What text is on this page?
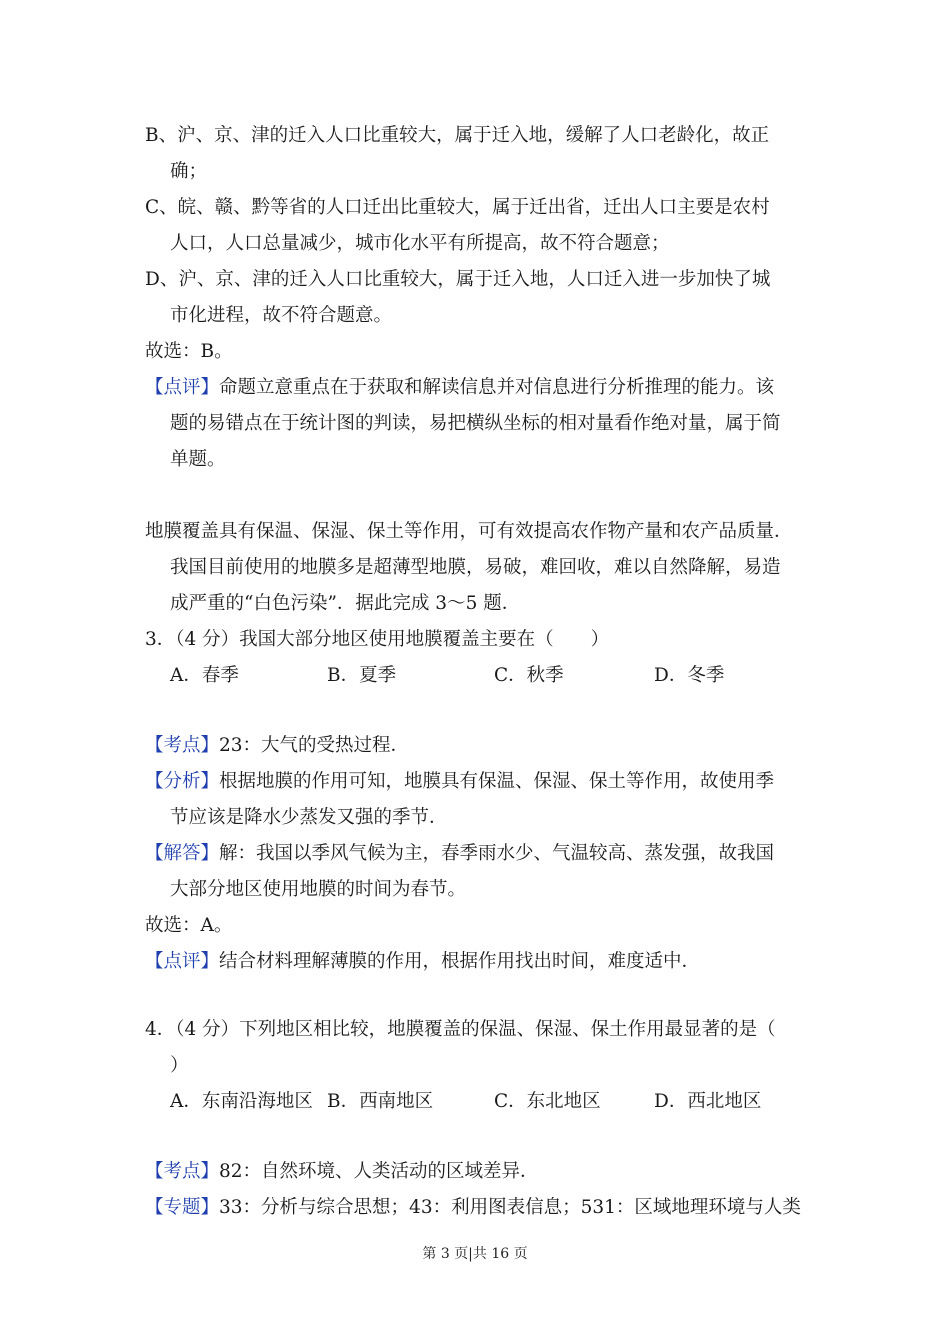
B、沪、京、津的迁入人口比重较大，属于迁入地，缓解了人口老龄化，故正
确；
C、皖、赣、黔等省的人口迁出比重较大，属于迁出省，迁出人口主要是农村
人口，人口总量减少，城市化水平有所提高，故不符合题意；
D、沪、京、津的迁入人口比重较大，属于迁入地，人口迁入进一步加快了城
市化进程，故不符合题意。
故选：B。
【点评】命题立意重点在于获取和解读信息并对信息进行分析推理的能力。该
题的易错点在于统计图的判读，易把横纵坐标的相对量看作绝对量，属于简
单题。
地膜覆盖具有保温、保湿、保土等作用，可有效提高农作物产量和农产品质量．
我国目前使用的地膜多是超薄型地膜，易破，难回收，难以自然降解，易造
成严重的“白色污染”．据此完成 3～5 题．
3．（4 分）我国大部分地区使用地膜覆盖主要在（　　）
A．春季	B．夏季	C．秋季	D．冬季
【考点】23：大气的受热过程．
【分析】根据地膜的作用可知，地膜具有保温、保湿、保土等作用，故使用季
节应该是降水少蒸发又强的季节．
【解答】解：我国以季风气候为主，春季雨水少、气温较高、蒸发强，故我国
大部分地区使用地膜的时间为春节。
故选：A。
【点评】结合材料理解薄膜的作用，根据作用找出时间，难度适中．
4．（4 分）下列地区相比较，地膜覆盖的保温、保湿、保土作用最显著的是（
）
A．东南沿海地区 B．西南地区	C．东北地区	D．西北地区
【考点】82：自然环境、人类活动的区域差异．
【专题】33：分析与综合思想；43：利用图表信息；531：区域地理环境与人类
第 3 页|共 16 页
